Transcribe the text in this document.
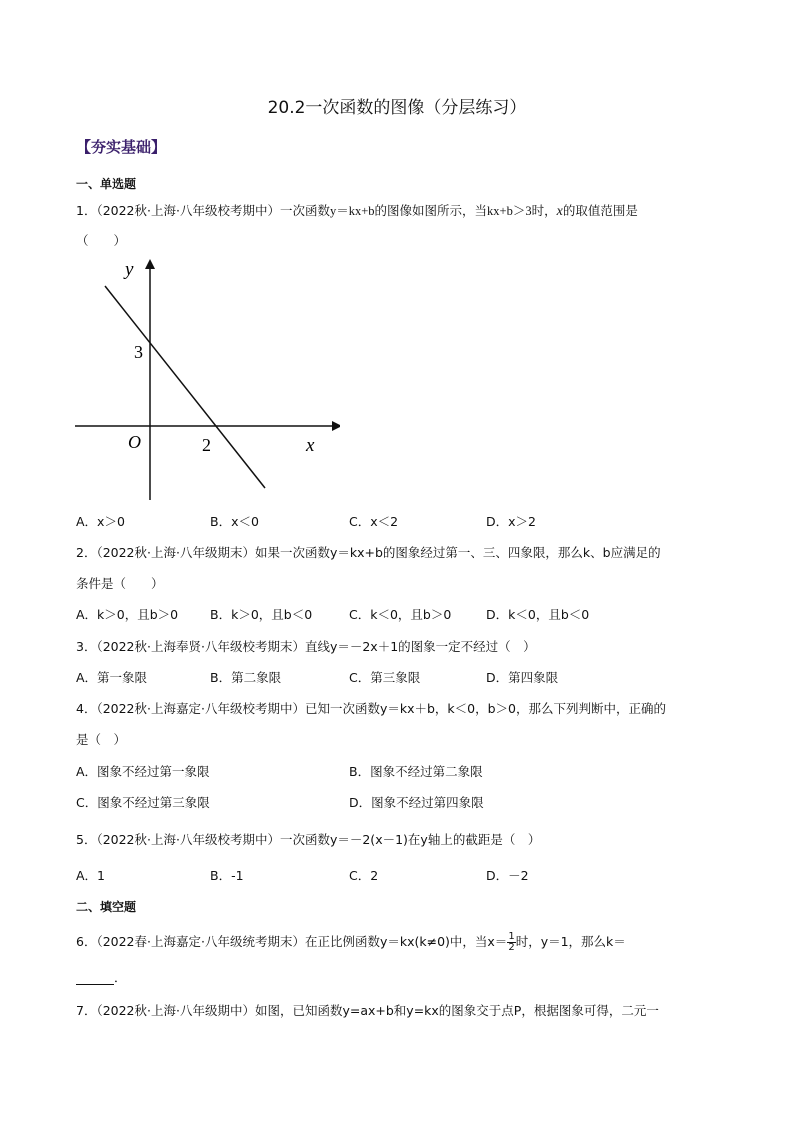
20.2一次函数的图像（分层练习）
【夯实基础】
一、单选题
1．（2022秋·上海·八年级校考期中）一次函数y＝kx+b的图像如图所示，当kx+b＞3时，x的取值范围是
（　　）
y
x
O
3
2
A．x＞0	B．x＜0	C．x＜2	D．x＞2
2．（2022秋·上海·八年级期末）如果一次函数y＝kx+b的图象经过第一、三、四象限，那么k、b应满足的
条件是（　　）
A．k＞0，且b＞0	B．k＞0，且b＜0	C．k＜0，且b＞0	D．k＜0，且b＜0
3．（2022秋·上海奉贤·八年级校考期末）直线y＝－2x＋1的图象一定不经过（　）
A．第一象限	B．第二象限	C．第三象限	D．第四象限
4．（2022秋·上海嘉定·八年级校考期中）已知一次函数y＝kx＋b，k＜0，b＞0，那么下列判断中，正确的
是（　）
A．图象不经过第一象限	B．图象不经过第二象限
C．图象不经过第三象限	D．图象不经过第四象限
5．（2022秋·上海·八年级校考期中）一次函数y＝－2(x－1)在y轴上的截距是（　）
A．1	B．-1	C．2	D．－2
二、填空题
6．（2022春·上海嘉定·八年级统考期末）在正比例函数y＝kx(k≠0)中，当$x= \frac{1}{2}$ 时，y＝1，那么k＝
．
7．（2022秋·上海·八年级期中）如图，已知函数y=ax+b和y=kx的图象交于点P，根据图象可得，二元一
